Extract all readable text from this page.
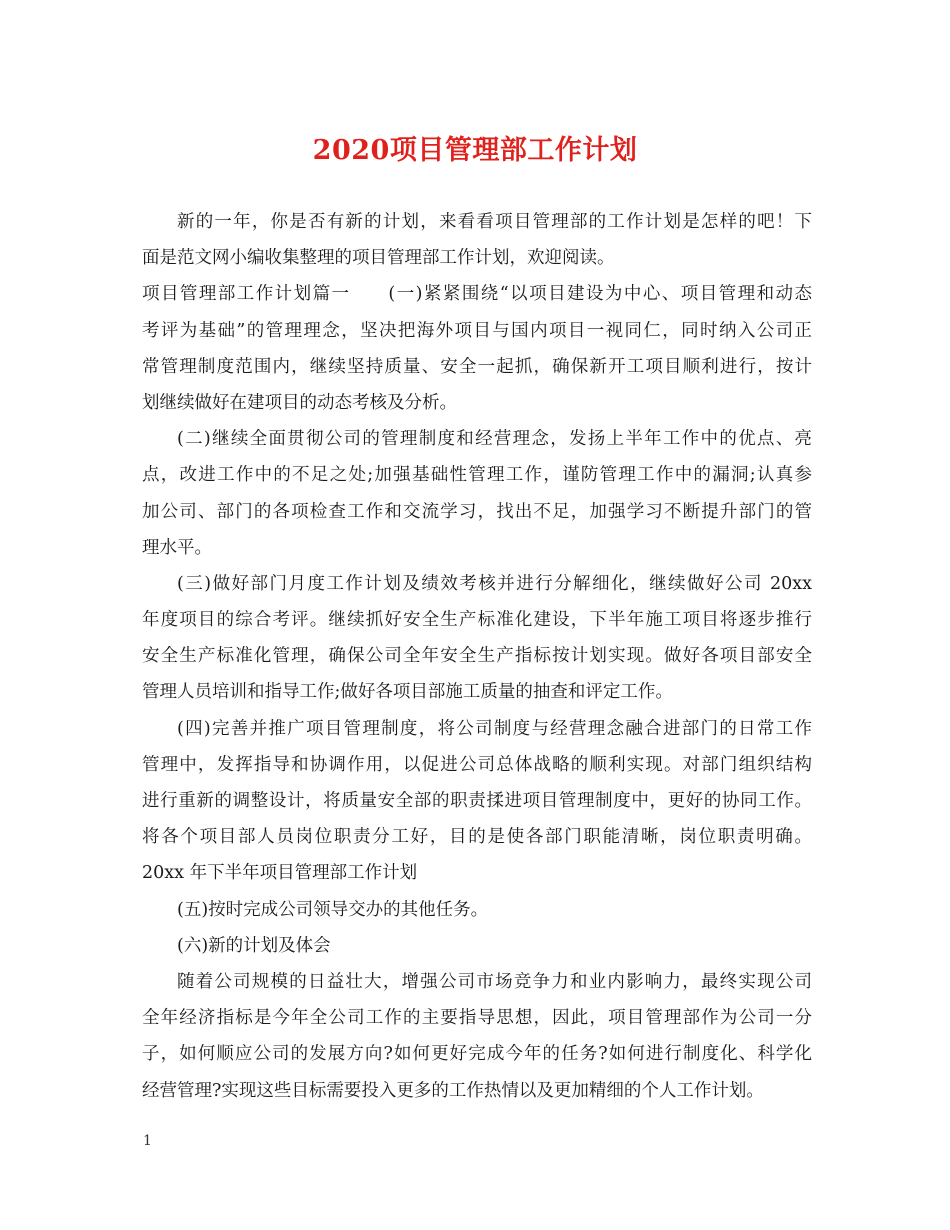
2020项目管理部工作计划
新的一年，你是否有新的计划，来看看项目管理部的工作计划是怎样的吧！下
面是范文网小编收集整理的项目管理部工作计划，欢迎阅读。
项目管理部工作计划篇一　　(一)紧紧围绕“以项目建设为中心、项目管理和动态
考评为基础”的管理理念，坚决把海外项目与国内项目一视同仁，同时纳入公司正
常管理制度范围内，继续坚持质量、安全一起抓，确保新开工项目顺利进行，按计
划继续做好在建项目的动态考核及分析。
(二)继续全面贯彻公司的管理制度和经营理念，发扬上半年工作中的优点、亮
点，改进工作中的不足之处;加强基础性管理工作，谨防管理工作中的漏洞;认真参
加公司、部门的各项检查工作和交流学习，找出不足，加强学习不断提升部门的管
理水平。
(三)做好部门月度工作计划及绩效考核并进行分解细化，继续做好公司 20xx
年度项目的综合考评。继续抓好安全生产标准化建设，下半年施工项目将逐步推行
安全生产标准化管理，确保公司全年安全生产指标按计划实现。做好各项目部安全
管理人员培训和指导工作;做好各项目部施工质量的抽查和评定工作。
(四)完善并推广项目管理制度，将公司制度与经营理念融合进部门的日常工作
管理中，发挥指导和协调作用，以促进公司总体战略的顺利实现。对部门组织结构
进行重新的调整设计，将质量安全部的职责揉进项目管理制度中，更好的协同工作。
将各个项目部人员岗位职责分工好，目的是使各部门职能清晰，岗位职责明确。
20xx 年下半年项目管理部工作计划
(五)按时完成公司领导交办的其他任务。
(六)新的计划及体会
随着公司规模的日益壮大，增强公司市场竞争力和业内影响力，最终实现公司
全年经济指标是今年全公司工作的主要指导思想，因此，项目管理部作为公司一分
子，如何顺应公司的发展方向?如何更好完成今年的任务?如何进行制度化、科学化
经营管理?实现这些目标需要投入更多的工作热情以及更加精细的个人工作计划。
1
